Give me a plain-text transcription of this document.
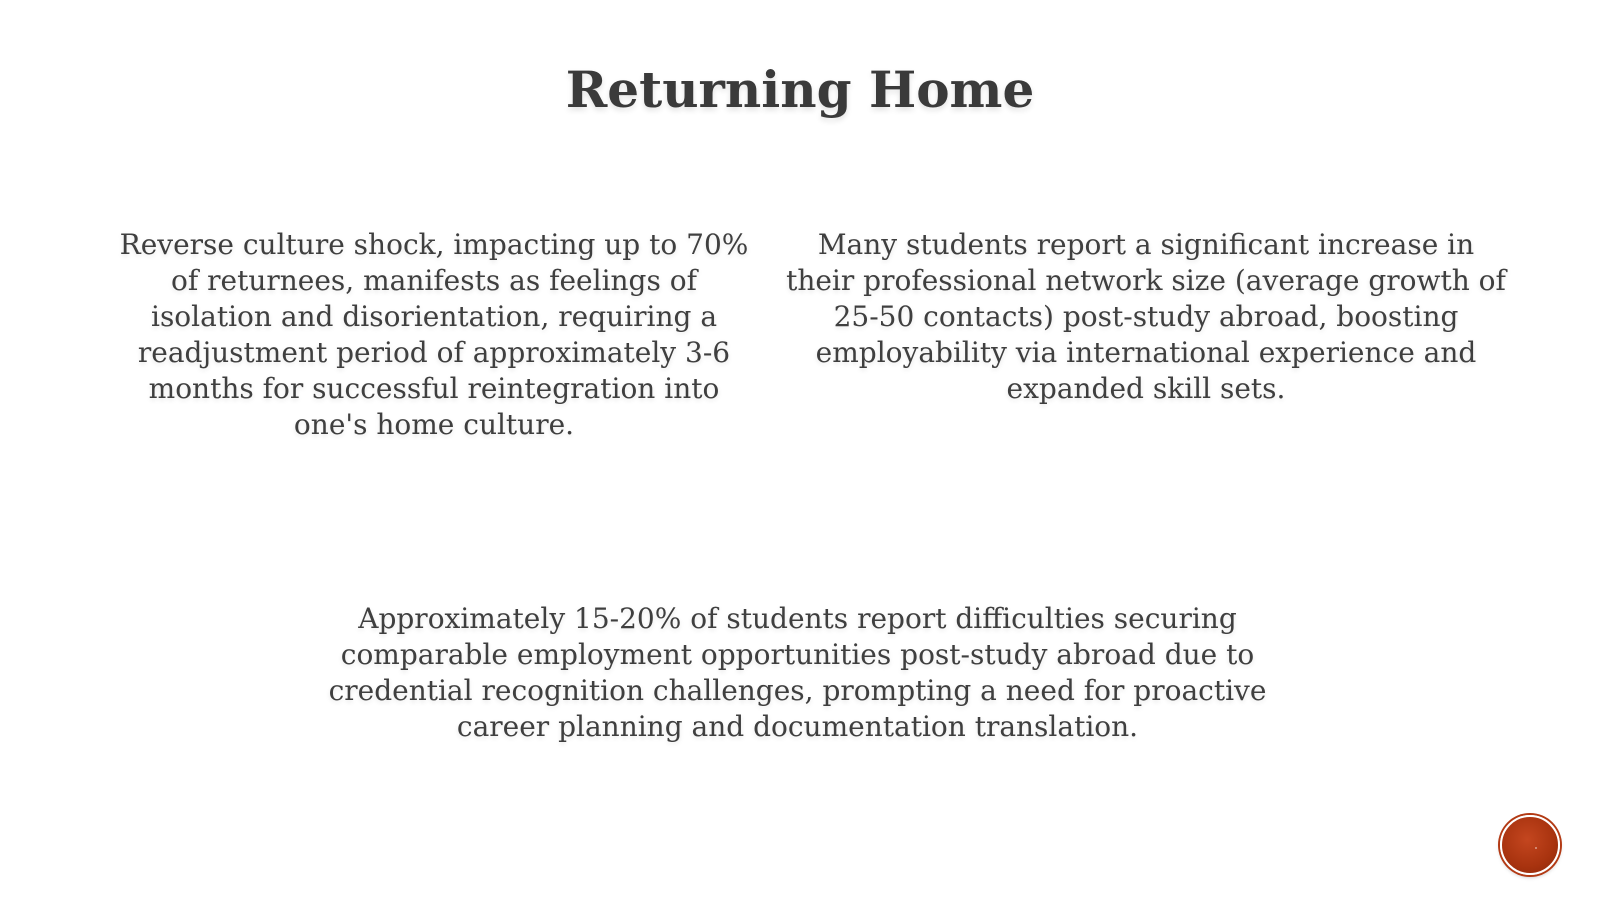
Returning Home

Reverse culture shock, impacting up to 70% of returnees, manifests as feelings of isolation and disorientation, requiring a readjustment period of approximately 3-6 months for successful reintegration into one's home culture.

Many students report a significant increase in their professional network size (average growth of 25-50 contacts) post-study abroad, boosting employability via international experience and expanded skill sets.

Approximately 15-20% of students report difficulties securing comparable employment opportunities post-study abroad due to credential recognition challenges, prompting a need for proactive career planning and documentation translation.
